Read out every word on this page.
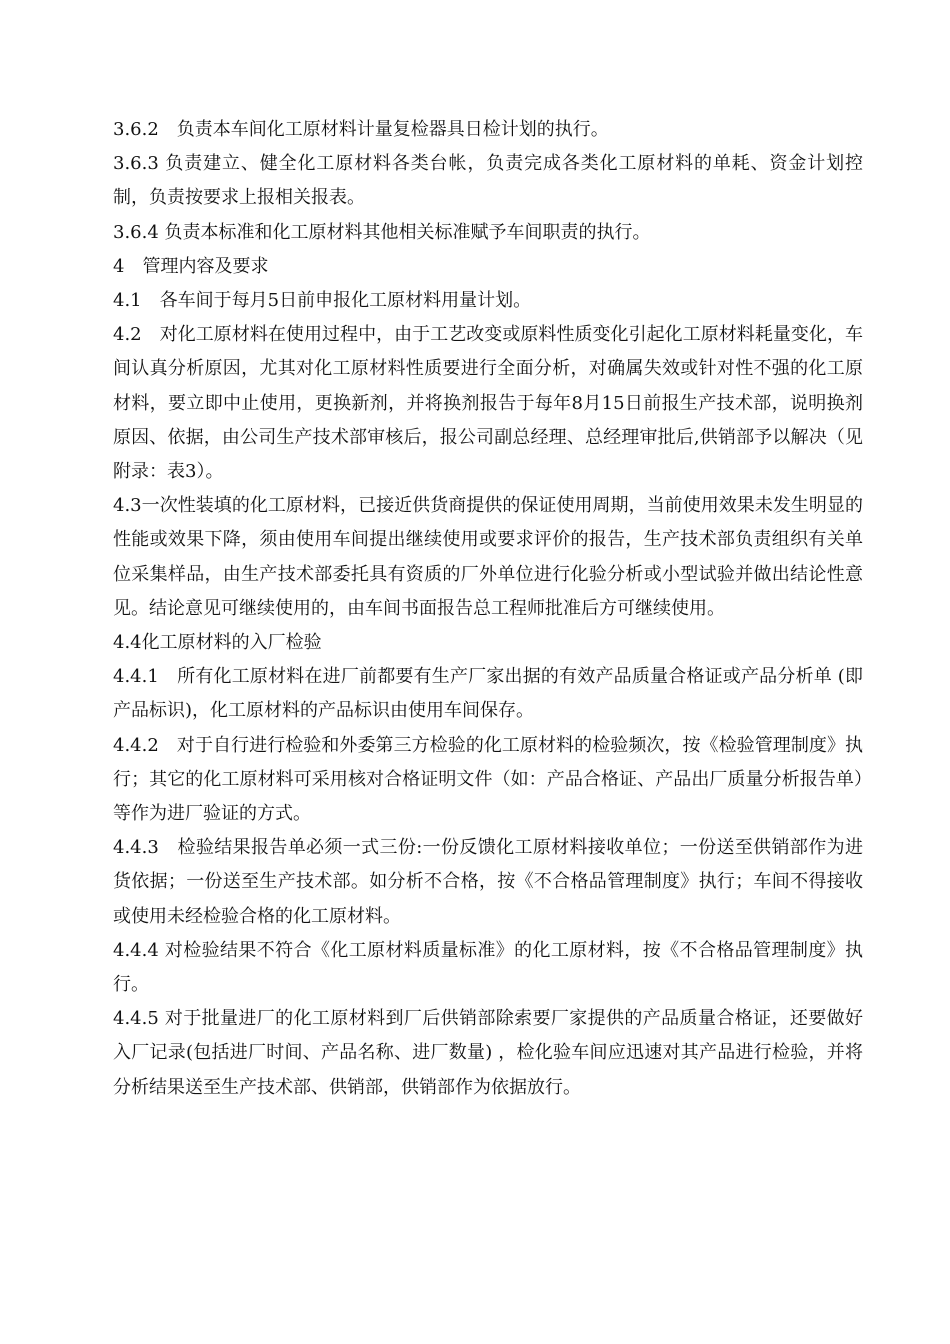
3.6.2　负责本车间化工原材料计量复检器具日检计划的执行。

3.6.3 负责建立、健全化工原材料各类台帐，负责完成各类化工原材料的单耗、资金计划控制，负责按要求上报相关报表。

3.6.4 负责本标准和化工原材料其他相关标准赋予车间职责的执行。

4　管理内容及要求

4.1　各车间于每月5日前申报化工原材料用量计划。

4.2　对化工原材料在使用过程中，由于工艺改变或原料性质变化引起化工原材料耗量变化，车间认真分析原因，尤其对化工原材料性质要进行全面分析，对确属失效或针对性不强的化工原材料，要立即中止使用，更换新剂，并将换剂报告于每年8月15日前报生产技术部，说明换剂原因、依据，由公司生产技术部审核后，报公司副总经理、总经理审批后,供销部予以解决（见附录：表3）。

4.3一次性装填的化工原材料，已接近供货商提供的保证使用周期，当前使用效果未发生明显的性能或效果下降，须由使用车间提出继续使用或要求评价的报告，生产技术部负责组织有关单位采集样品，由生产技术部委托具有资质的厂外单位进行化验分析或小型试验并做出结论性意见。结论意见可继续使用的，由车间书面报告总工程师批准后方可继续使用。

4.4化工原材料的入厂检验

4.4.1　所有化工原材料在进厂前都要有生产厂家出据的有效产品质量合格证或产品分析单 (即产品标识)，化工原材料的产品标识由使用车间保存。

4.4.2　对于自行进行检验和外委第三方检验的化工原材料的检验频次，按《检验管理制度》执行；其它的化工原材料可采用核对合格证明文件（如：产品合格证、产品出厂质量分析报告单）等作为进厂验证的方式。

4.4.3　检验结果报告单必须一式三份:一份反馈化工原材料接收单位；一份送至供销部作为进货依据；一份送至生产技术部。如分析不合格，按《不合格品管理制度》执行；车间不得接收或使用未经检验合格的化工原材料。

4.4.4 对检验结果不符合《化工原材料质量标准》的化工原材料，按《不合格品管理制度》执行。

4.4.5 对于批量进厂的化工原材料到厂后供销部除索要厂家提供的产品质量合格证，还要做好入厂记录(包括进厂时间、产品名称、进厂数量) ，检化验车间应迅速对其产品进行检验，并将分析结果送至生产技术部、供销部，供销部作为依据放行。
